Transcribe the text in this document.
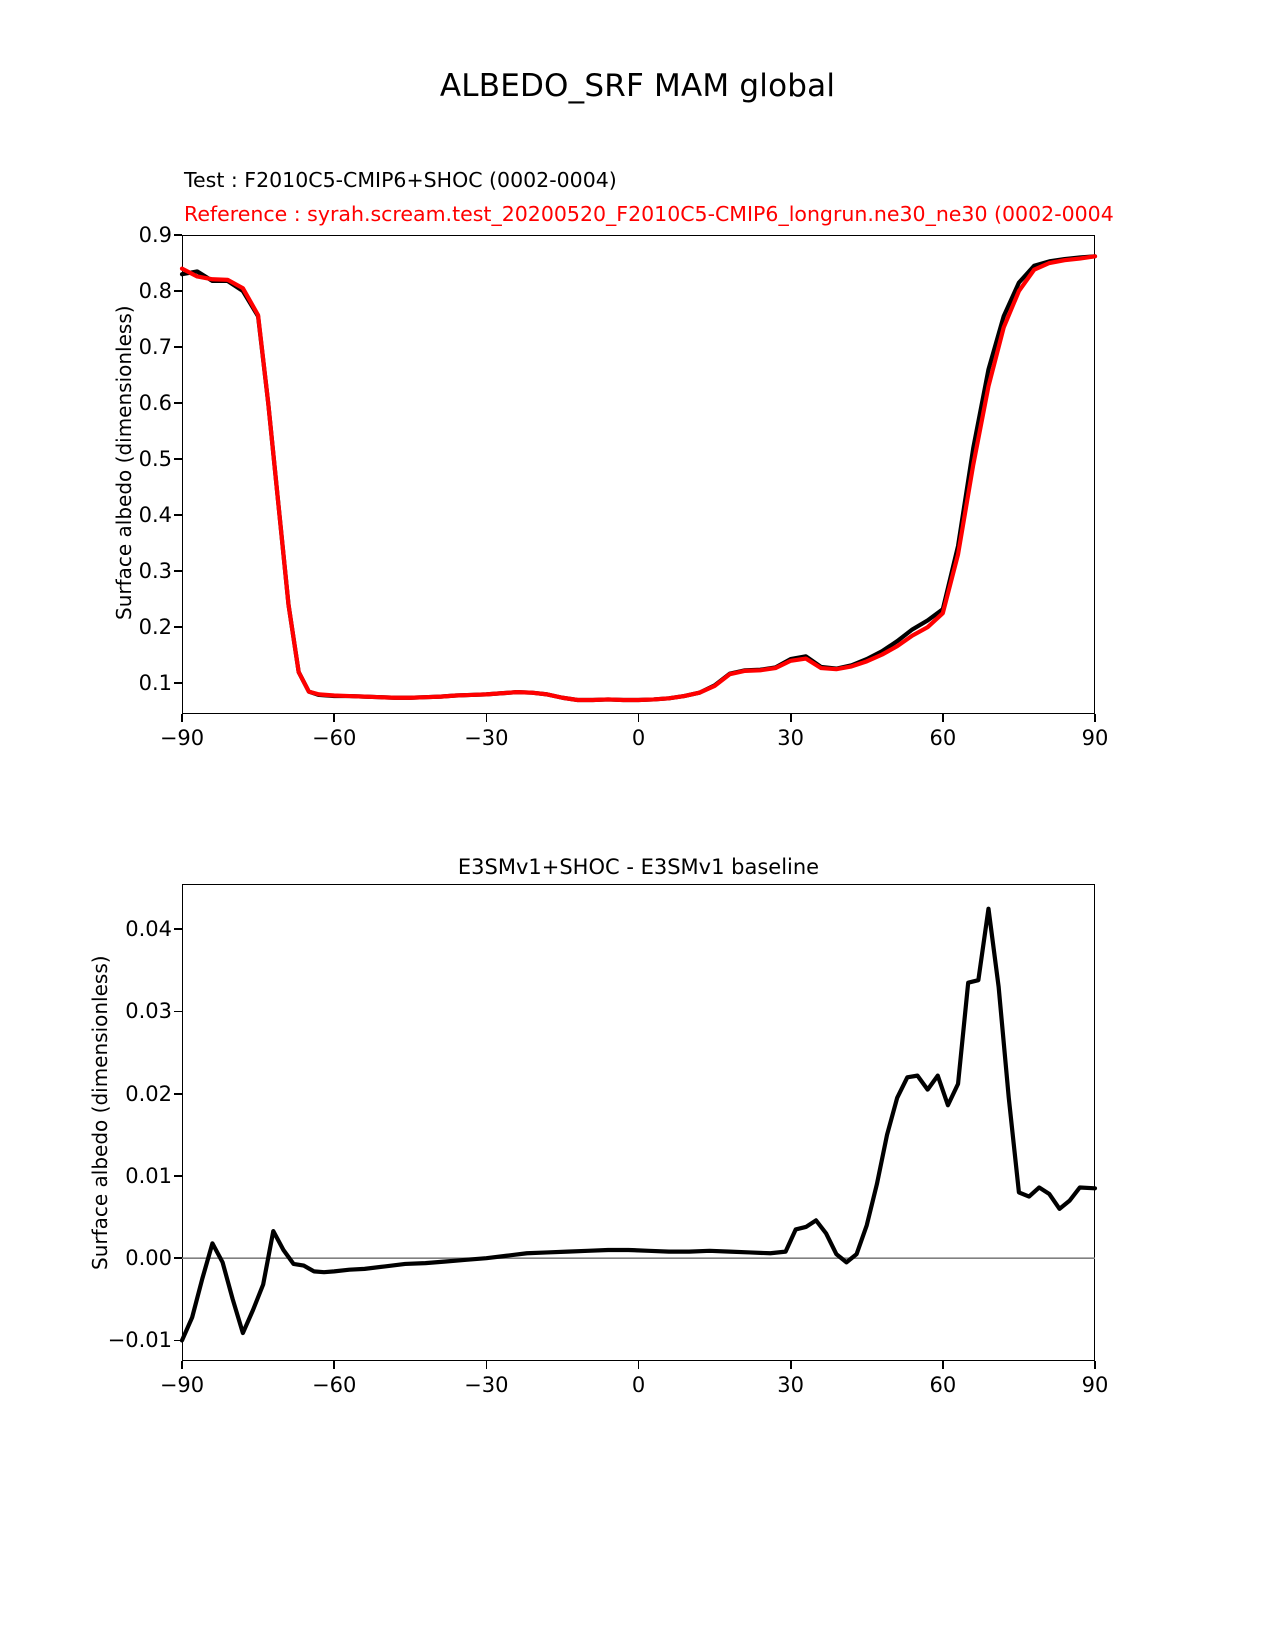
ALBEDO_SRF MAM global
Test : F2010C5-CMIP6+SHOC (0002-0004)
Reference : syrah.scream.test_20200520_F2010C5-CMIP6_longrun.ne30_ne30 (0002-0004
0.1
0.2
0.3
0.4
0.5
0.6
0.7
0.8
0.9
−90	−60	−30	0	30	60	90
Surface albedo (dimensionless)
E3SMv1+SHOC - E3SMv1 baseline
−0.01
0.00
0.01
0.02
0.03
0.04
−90	−60	−30	0	30	60	90
Surface albedo (dimensionless)
